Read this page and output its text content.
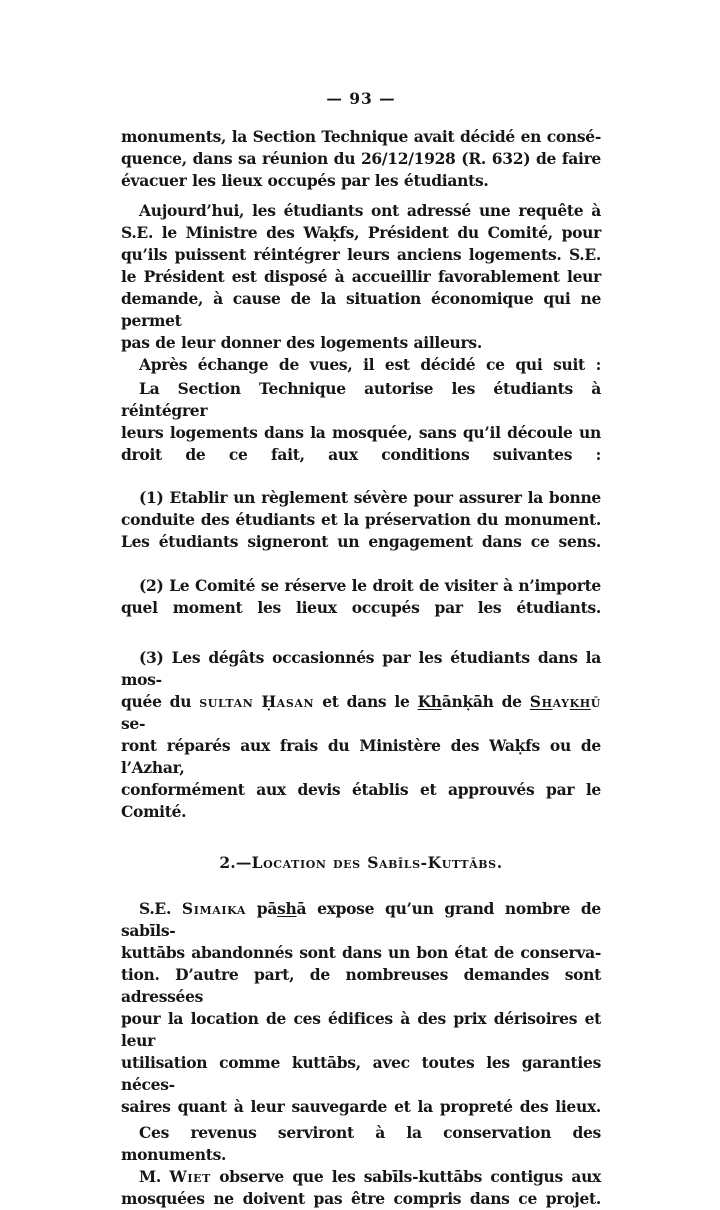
— 93 —
monuments, la Section Technique avait décidé en consé-
quence, dans sa réunion du 26/12/1928 (R. 632) de faire
évacuer les lieux occupés par les étudiants.
Aujourd’hui, les étudiants ont adressé une requête à
S.E. le Ministre des Waḳfs, Président du Comité, pour
qu’ils puissent réintégrer leurs anciens logements. S.E.
le Président est disposé à accueillir favorablement leur
demande, à cause de la situation économique qui ne permet
pas de leur donner des logements ailleurs.
Après échange de vues, il est décidé ce qui suit :
La Section Technique autorise les étudiants à réintégrer
leurs logements dans la mosquée, sans qu’il découle un
droit de ce fait, aux conditions suivantes :
(1) Etablir un règlement sévère pour assurer la bonne
conduite des étudiants et la préservation du monument.
Les étudiants signeront un engagement dans ce sens.
(2) Le Comité se réserve le droit de visiter à n’importe
quel moment les lieux occupés par les étudiants.
(3) Les dégâts occasionnés par les étudiants dans la mos-
quée du sultan Ḥasan et dans le Khānḳāh de Shaykhū se-
ront réparés aux frais du Ministère des Waḳfs ou de l’Azhar,
conformément aux devis établis et approuvés par le Comité.
2.—Location des Sabīls-Kuttābs.
S.E. Simaika pāshā expose qu’un grand nombre de sabīls-
kuttābs abandonnés sont dans un bon état de conserva-
tion. D’autre part, de nombreuses demandes sont adressées
pour la location de ces édifices à des prix dérisoires et leur
utilisation comme kuttābs, avec toutes les garanties néces-
saires quant à leur sauvegarde et la propreté des lieux.
Ces revenus serviront à la conservation des monuments.
M. Wiet observe que les sabīls-kuttābs contigus aux
mosquées ne doivent pas être compris dans ce projet.
